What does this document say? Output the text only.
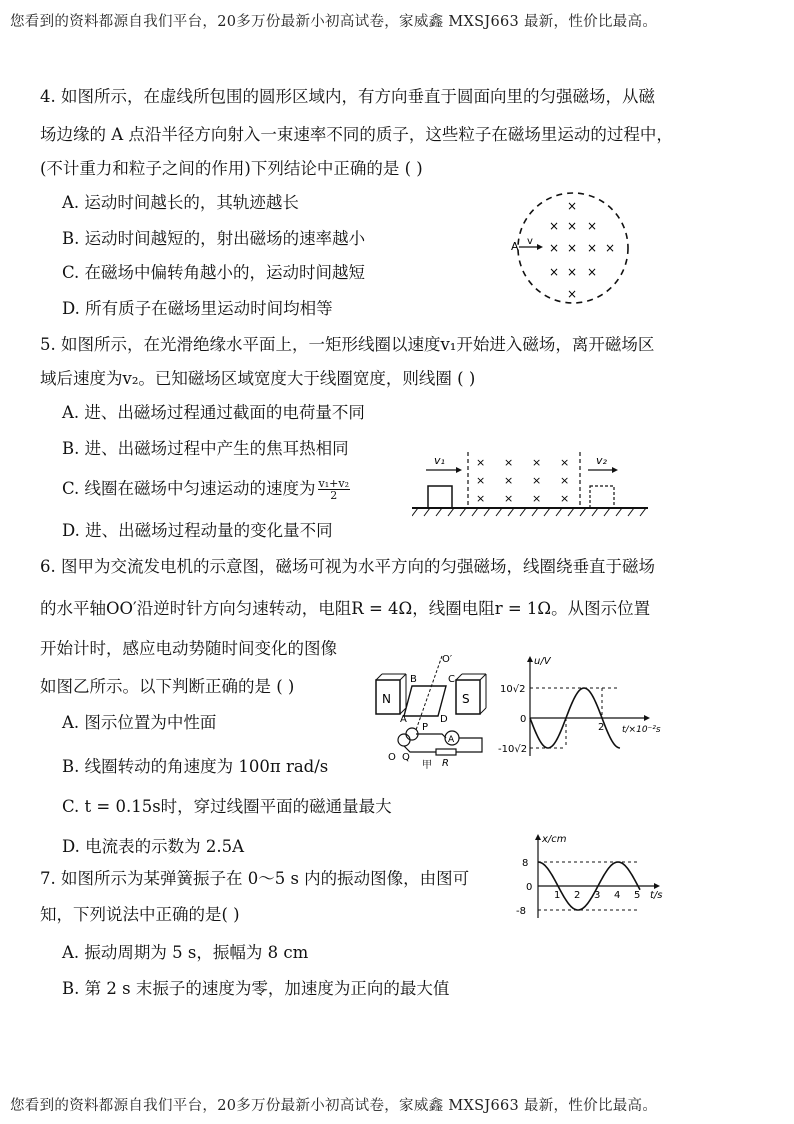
您看到的资料都源自我们平台，20多万份最新小初高试卷，家威鑫 MXSJ663 最新，性价比最高。
您看到的资料都源自我们平台，20多万份最新小初高试卷，家威鑫 MXSJ663 最新，性价比最高。
4. 如图所示，在虚线所包围的圆形区域内，有方向垂直于圆面向里的匀强磁场，从磁
场边缘的 A 点沿半径方向射入一束速率不同的质子，这些粒子在磁场里运动的过程中，
(不计重力和粒子之间的作用)下列结论中正确的是 ( )
A. 运动时间越长的，其轨迹越长
B. 运动时间越短的，射出磁场的速率越小
C. 在磁场中偏转角越小的，运动时间越短
D. 所有质子在磁场里运动时间均相等
A v
×
× × ×
× × × ×
× × ×
×
5. 如图所示，在光滑绝缘水平面上，一矩形线圈以速度v₁开始进入磁场，离开磁场区
域后速度为v₂。已知磁场区域宽度大于线圈宽度，则线圈 ( )
A. 进、出磁场过程通过截面的电荷量不同
B. 进、出磁场过程中产生的焦耳热相同
C. 线圈在磁场中匀速运动的速度为 $\frac{\text{v₁+v₂}}{2}$
D. 进、出磁场过程动量的变化量不同
v₁	× × × ×
× × × ×
× × × ×
v₂
6. 图甲为交流发电机的示意图，磁场可视为水平方向的匀强磁场，线圈绕垂直于磁场
的水平轴OO′沿逆时针方向匀速转动，电阻R = 4Ω，线圈电阻r = 1Ω。从图示位置
开始计时，感应电动势随时间变化的图像
如图乙所示。以下判断正确的是 ( )
A. 图示位置为中性面
B. 线圈转动的角速度为 100π rad/s
C. t = 0.15s时，穿过线圈平面的磁通量最大
D. 电流表的示数为 2.5A
N	S
O′
B	C
A	D
P
O Q
A
R
甲
u/V
t/×10⁻²s
10√2
-10√2
0
2
7. 如图所示为某弹簧振子在 0～5 s 内的振动图像，由图可
知，下列说法中正确的是( )
A. 振动周期为 5 s，振幅为 8 cm
B. 第 2 s 末振子的速度为零，加速度为正向的最大值
x/cm
t/s
8
-8
0
1 2 3 4 5
